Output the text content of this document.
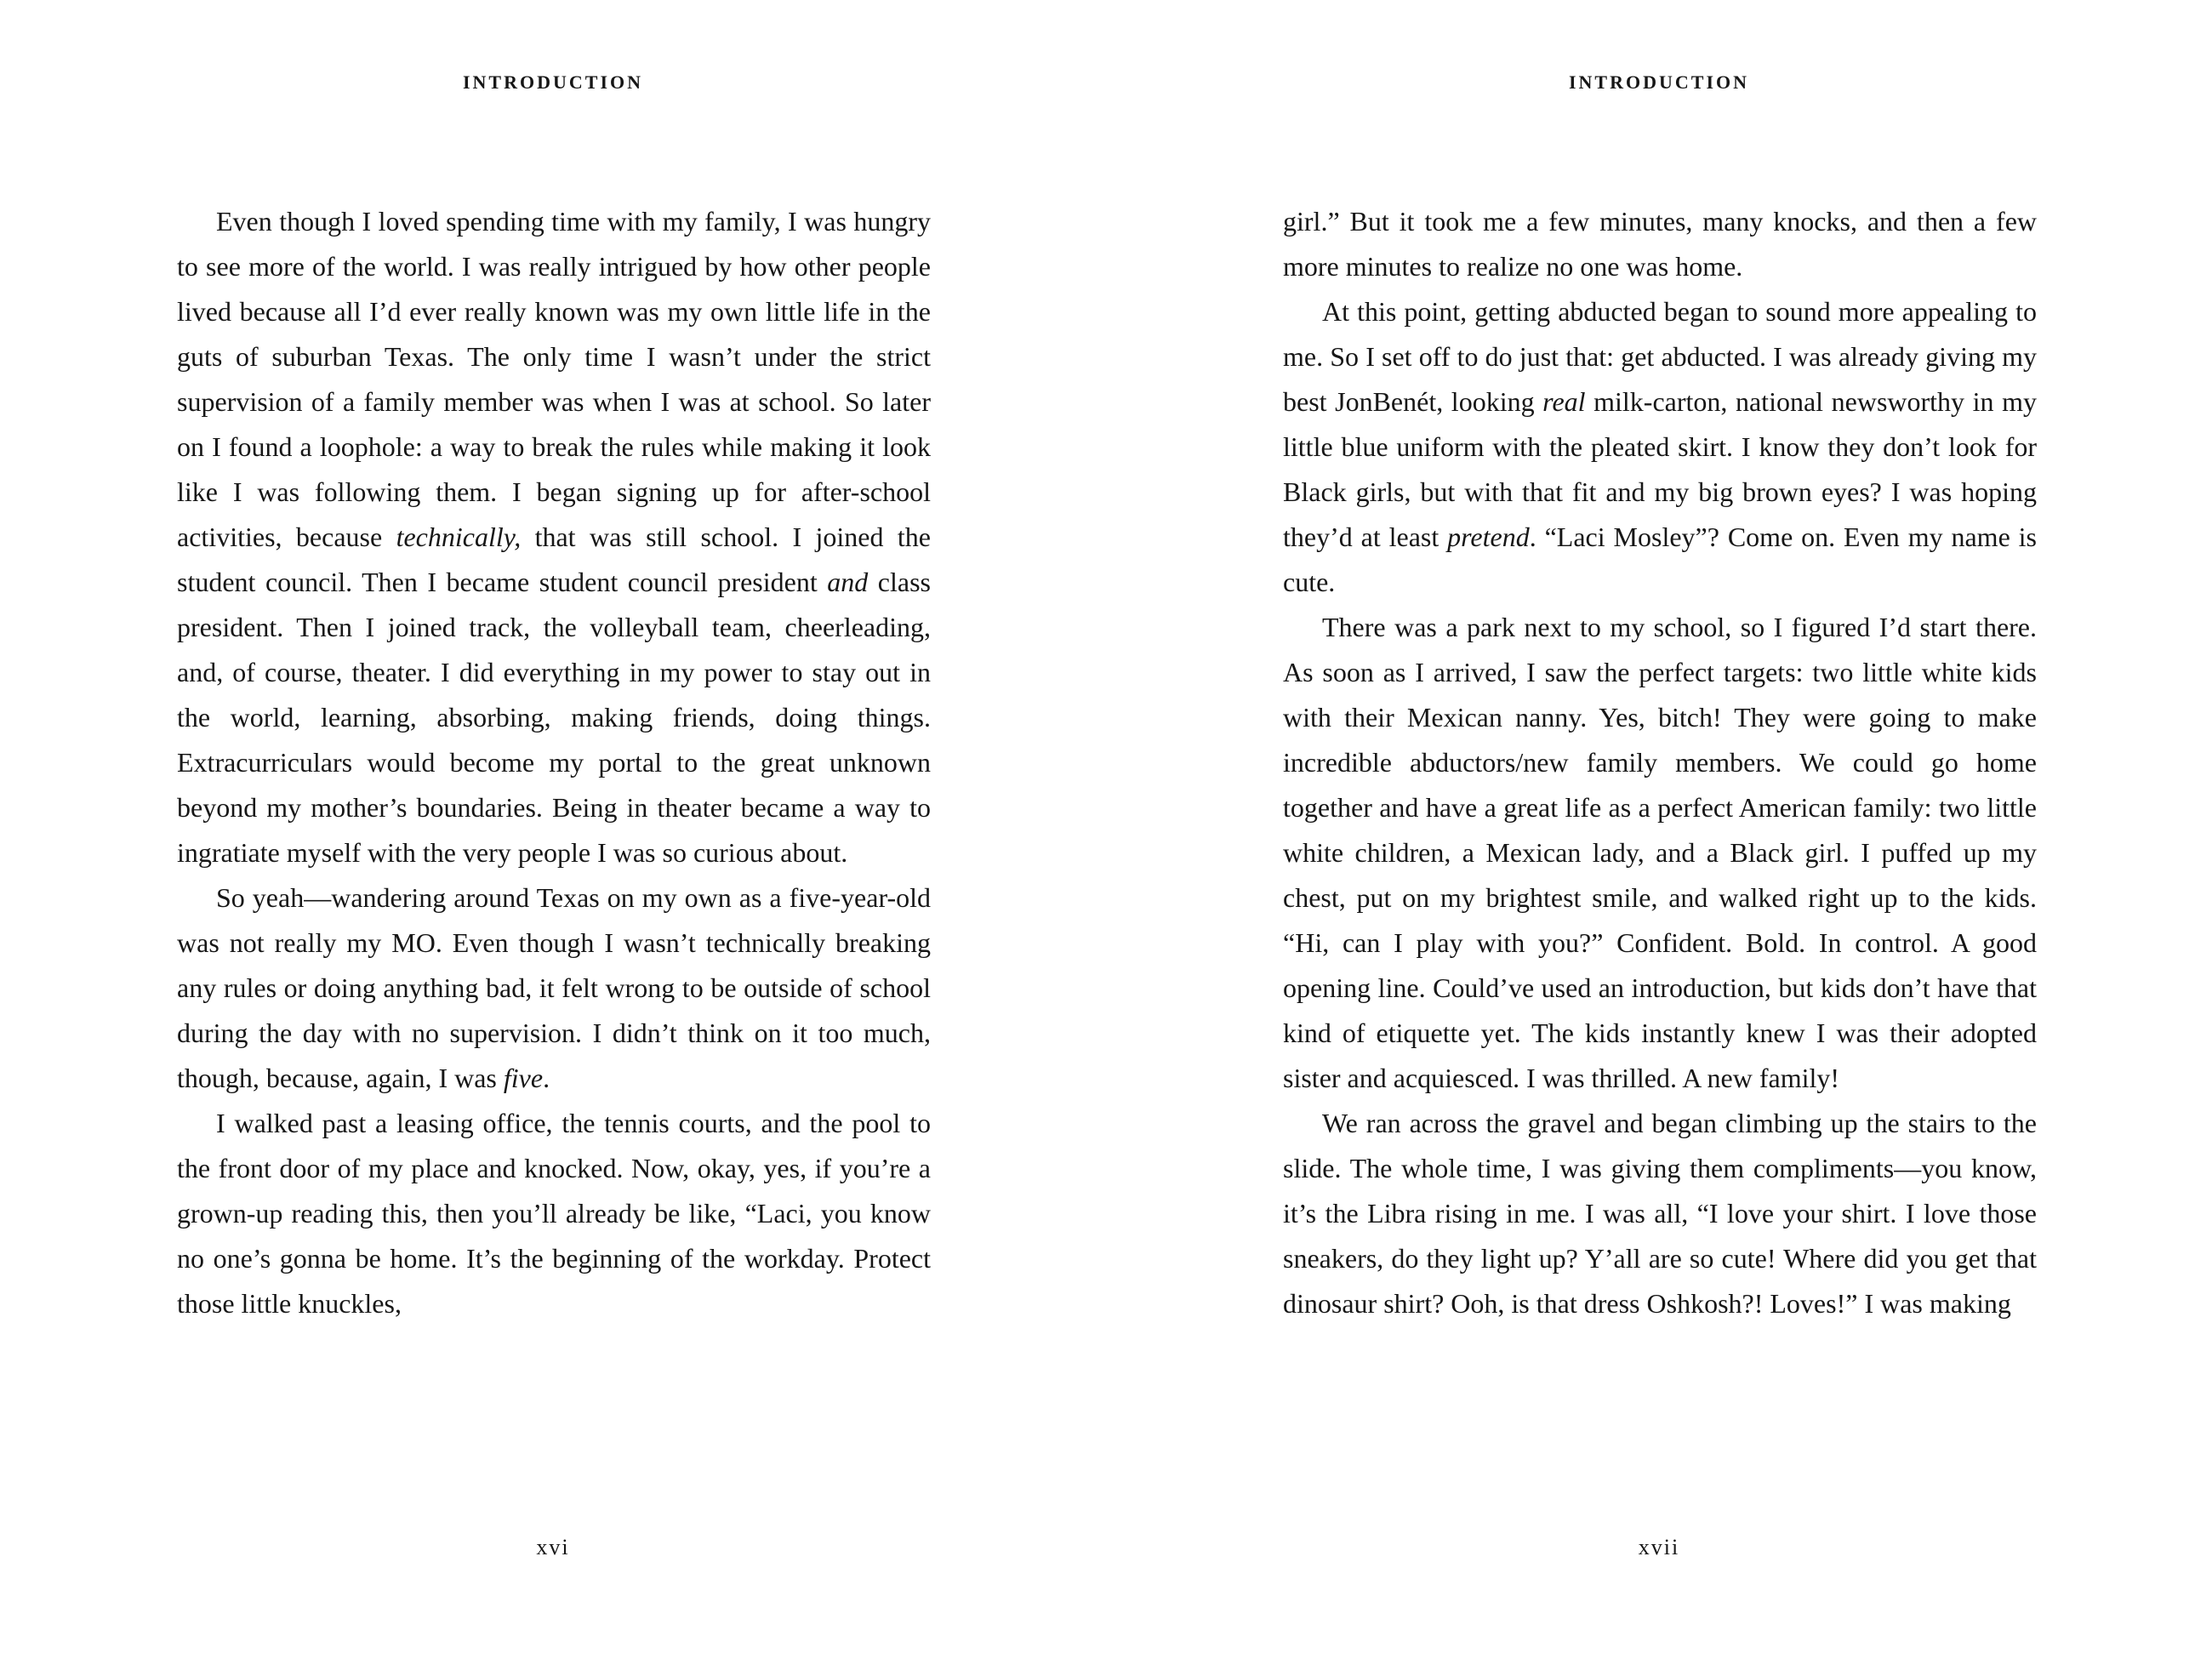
INTRODUCTION

Even though I loved spending time with my family, I was hungry to see more of the world. I was really intrigued by how other people lived because all I’d ever really known was my own little life in the guts of suburban Texas. The only time I wasn’t under the strict supervision of a family member was when I was at school. So later on I found a loophole: a way to break the rules while making it look like I was following them. I began signing up for after-school activities, because technically, that was still school. I joined the student council. Then I became student council president and class president. Then I joined track, the volleyball team, cheerleading, and, of course, theater. I did everything in my power to stay out in the world, learning, absorbing, making friends, doing things. Extracurriculars would become my portal to the great unknown beyond my mother’s boundaries. Being in theater became a way to ingratiate myself with the very people I was so curious about.

So yeah—wandering around Texas on my own as a five-year-old was not really my MO. Even though I wasn’t technically breaking any rules or doing anything bad, it felt wrong to be outside of school during the day with no supervision. I didn’t think on it too much, though, because, again, I was five.

I walked past a leasing office, the tennis courts, and the pool to the front door of my place and knocked. Now, okay, yes, if you’re a grown-up reading this, then you’ll already be like, “Laci, you know no one’s gonna be home. It’s the beginning of the workday. Protect those little knuckles,

xvi
INTRODUCTION

girl.” But it took me a few minutes, many knocks, and then a few more minutes to realize no one was home.

At this point, getting abducted began to sound more appealing to me. So I set off to do just that: get abducted. I was already giving my best JonBenét, looking real milk-carton, national newsworthy in my little blue uniform with the pleated skirt. I know they don’t look for Black girls, but with that fit and my big brown eyes? I was hoping they’d at least pretend. “Laci Mosley”? Come on. Even my name is cute.

There was a park next to my school, so I figured I’d start there. As soon as I arrived, I saw the perfect targets: two little white kids with their Mexican nanny. Yes, bitch! They were going to make incredible abductors/new family members. We could go home together and have a great life as a perfect American family: two little white children, a Mexican lady, and a Black girl. I puffed up my chest, put on my brightest smile, and walked right up to the kids. “Hi, can I play with you?” Confident. Bold. In control. A good opening line. Could’ve used an introduction, but kids don’t have that kind of etiquette yet. The kids instantly knew I was their adopted sister and acquiesced. I was thrilled. A new family!

We ran across the gravel and began climbing up the stairs to the slide. The whole time, I was giving them compliments—you know, it’s the Libra rising in me. I was all, “I love your shirt. I love those sneakers, do they light up? Y’all are so cute! Where did you get that dinosaur shirt? Ooh, is that dress Oshkosh?! Loves!” I was making

xvii
